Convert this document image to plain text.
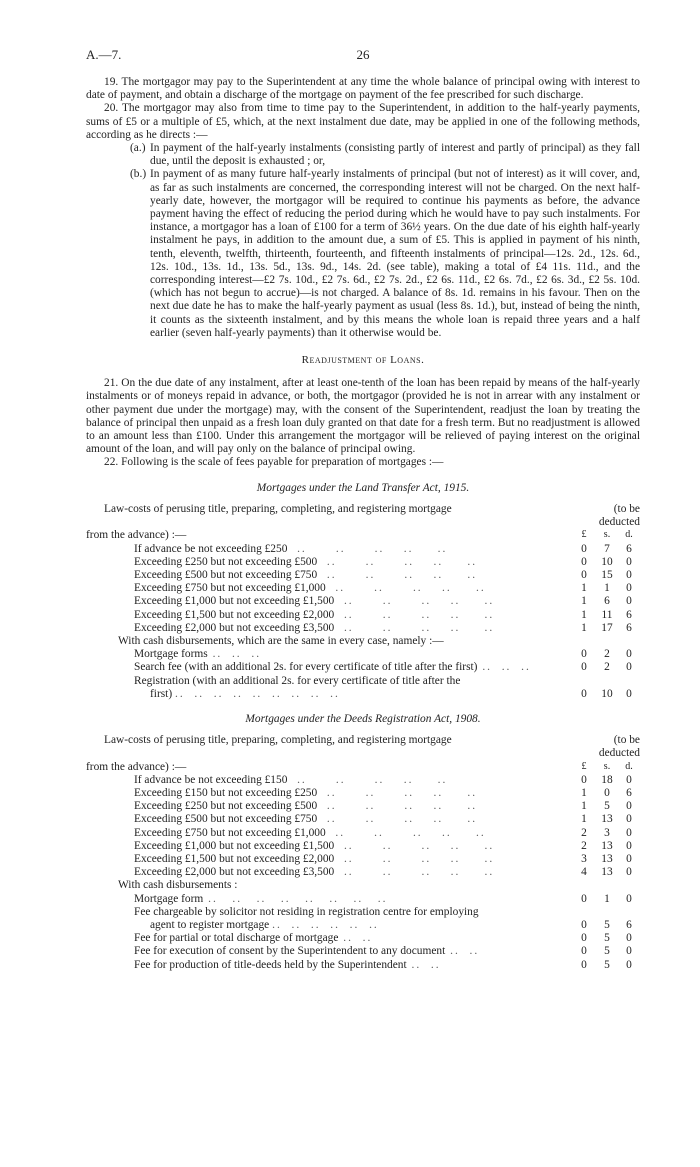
A.—7.	26

19. The mortgagor may pay to the Superintendent at any time the whole balance of principal owing with interest to date of payment, and obtain a discharge of the mortgage on payment of the fee prescribed for such discharge.

20. The mortgagor may also from time to time pay to the Superintendent, in addition to the half-yearly payments, sums of £5 or a multiple of £5, which, at the next instalment due date, may be applied in one of the following methods, according as he directs :—

(a.) In payment of the half-yearly instalments (consisting partly of interest and partly of principal) as they fall due, until the deposit is exhausted ; or,
(b.) In payment of as many future half-yearly instalments of principal (but not of interest) as it will cover, and, as far as such instalments are concerned, the corresponding interest will not be charged. On the next half-yearly date, however, the mortgagor will be required to continue his payments as before, the advance payment having the effect of reducing the period during which he would have to pay such instalments. For instance, a mortgagor has a loan of £100 for a term of 36½ years. On the due date of his eighth half-yearly instalment he pays, in addition to the amount due, a sum of £5. This is applied in payment of his ninth, tenth, eleventh, twelfth, thirteenth, fourteenth, and fifteenth instalments of principal—12s. 2d., 12s. 6d., 12s. 10d., 13s. 1d., 13s. 5d., 13s. 9d., 14s. 2d. (see table), making a total of £4 11s. 11d., and the corresponding interest—£2 7s. 10d., £2 7s. 6d., £2 7s. 2d., £2 6s. 11d., £2 6s. 7d., £2 6s. 3d., £2 5s. 10d. (which has not begun to accrue)—is not charged. A balance of 8s. 1d. remains in his favour. Then on the next due date he has to make the half-yearly payment as usual (less 8s. 1d.), but, instead of being the ninth, it counts as the sixteenth instalment, and by this means the whole loan is repaid three years and a half earlier (seven half-yearly payments) than it otherwise would be.
Readjustment of Loans.

21. On the due date of any instalment, after at least one-tenth of the loan has been repaid by means of the half-yearly instalments or of moneys repaid in advance, or both, the mortgagor (provided he is not in arrear with any instalment or other payment due under the mortgage) may, with the consent of the Superintendent, readjust the loan by treating the balance of principal then unpaid as a fresh loan duly granted on that date for a fresh term. But no readjustment is allowed to an amount less than £100. Under this arrangement the mortgagor will be relieved of paying interest on the original amount of the loan, and will pay only on the balance of principal owing.

22. Following is the scale of fees payable for preparation of mortgages :—

Mortgages under the Land Transfer Act, 1915.
Law-costs of perusing title, preparing, completing, and registering mortgage	(to be deducted
from the advance) :—	£	s.	d.
If advance be not exceeding £250  ..      ..      ..    ..     ..	0	7	6
Exceeding £250 but not exceeding £500  ..      ..      ..    ..     ..	0	10	0
Exceeding £500 but not exceeding £750  ..      ..      ..    ..     ..	0	15	0
Exceeding £750 but not exceeding £1,000  ..      ..      ..    ..     ..	1	1	0
Exceeding £1,000 but not exceeding £1,500  ..      ..      ..    ..     ..	1	6	0
Exceeding £1,500 but not exceeding £2,000  ..      ..      ..    ..     ..	1	11	6
Exceeding £2,000 but not exceeding £3,500  ..      ..      ..    ..     ..	1	17	6
With cash disbursements, which are the same in every case, namely :—
Mortgage forms ..  ..  ..	0	2	0
Search fee (with an additional 2s. for every certificate of title after the first) ..  ..  ..	0	2	0
Registration (with an additional 2s. for every certificate of title after the
first) ..  ..  ..  ..  ..  ..  ..  ..  ..	0	10	0
Mortgages under the Deeds Registration Act, 1908.
Law-costs of perusing title, preparing, completing, and registering mortgage	(to be deducted
from the advance) :—	£	s.	d.
If advance be not exceeding £150  ..      ..      ..    ..     ..	0	18	0
Exceeding £150 but not exceeding £250  ..      ..      ..    ..     ..	1	0	6
Exceeding £250 but not exceeding £500  ..      ..      ..    ..     ..	1	5	0
Exceeding £500 but not exceeding £750  ..      ..      ..    ..     ..	1	13	0
Exceeding £750 but not exceeding £1,000  ..      ..      ..    ..     ..	2	3	0
Exceeding £1,000 but not exceeding £1,500  ..      ..      ..    ..     ..	2	13	0
Exceeding £1,500 but not exceeding £2,000  ..      ..      ..    ..     ..	3	13	0
Exceeding £2,000 but not exceeding £3,500  ..      ..      ..    ..     ..	4	13	0
With cash disbursements :
Mortgage form ..   ..   ..   ..   ..   ..   ..   ..	0	1	0
Fee chargeable by solicitor not residing in registration centre for employing
agent to register mortgage ..  ..  ..  ..  ..  ..	0	5	6
Fee for partial or total discharge of mortgage ..  ..	0	5	0
Fee for execution of consent by the Superintendent to any document ..  ..	0	5	0
Fee for production of title-deeds held by the Superintendent ..  ..	0	5	0
